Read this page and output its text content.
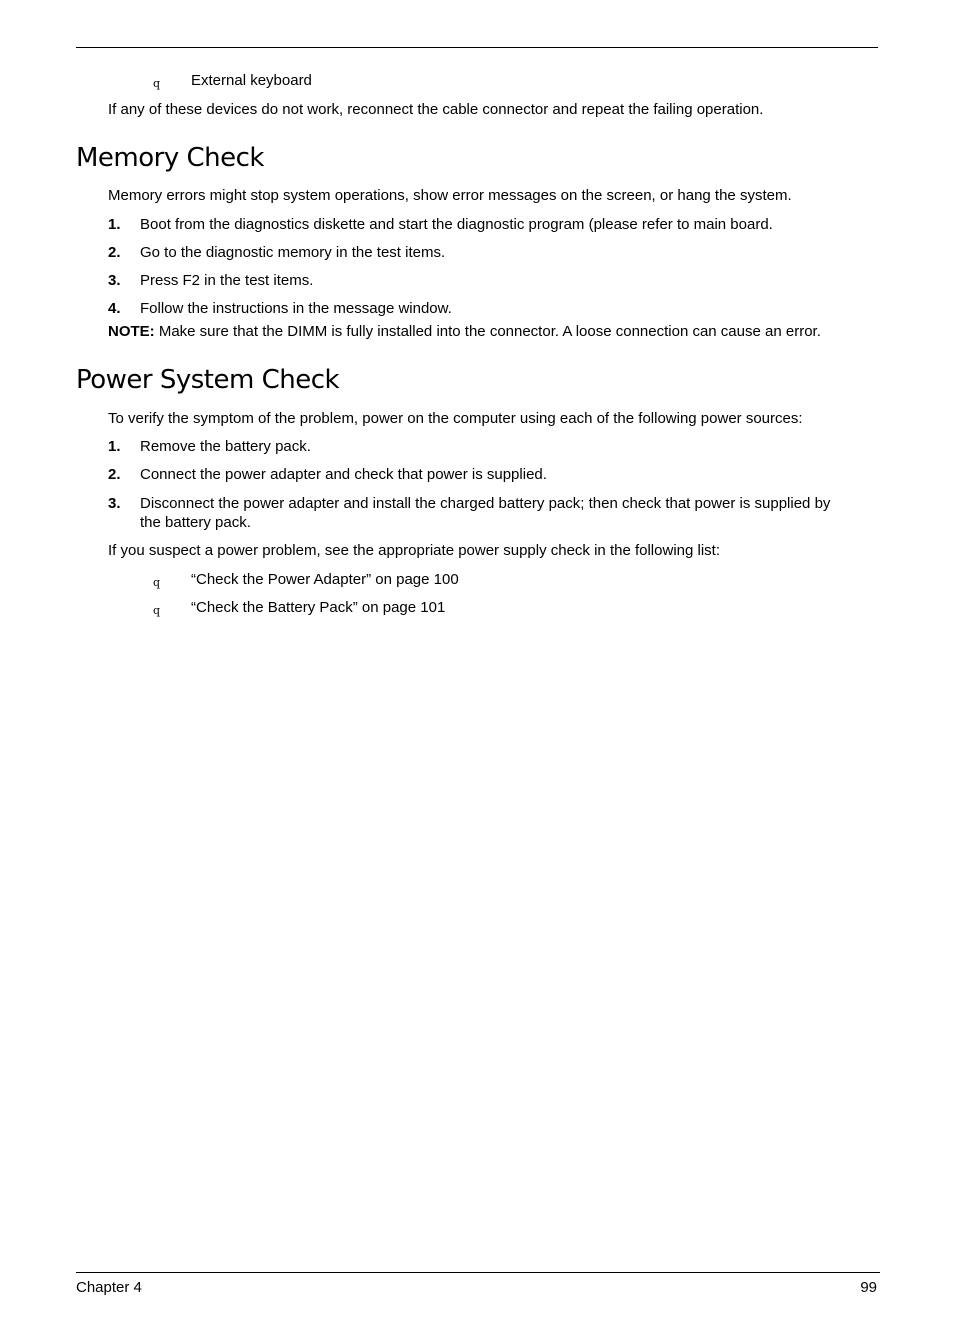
q External keyboard

If any of these devices do not work, reconnect the cable connector and repeat the failing operation.

Memory Check

Memory errors might stop system operations, show error messages on the screen, or hang the system.

1. Boot from the diagnostics diskette and start the diagnostic program (please refer to main board.
2. Go to the diagnostic memory in the test items.
3. Press F2 in the test items.
4. Follow the instructions in the message window.

NOTE: Make sure that the DIMM is fully installed into the connector. A loose connection can cause an error.

Power System Check

To verify the symptom of the problem, power on the computer using each of the following power sources:

1. Remove the battery pack.
2. Connect the power adapter and check that power is supplied.
3. Disconnect the power adapter and install the charged battery pack; then check that power is supplied by
the battery pack.

If you suspect a power problem, see the appropriate power supply check in the following list:

q “Check the Power Adapter” on page 100
q “Check the Battery Pack” on page 101
Chapter 4	99
